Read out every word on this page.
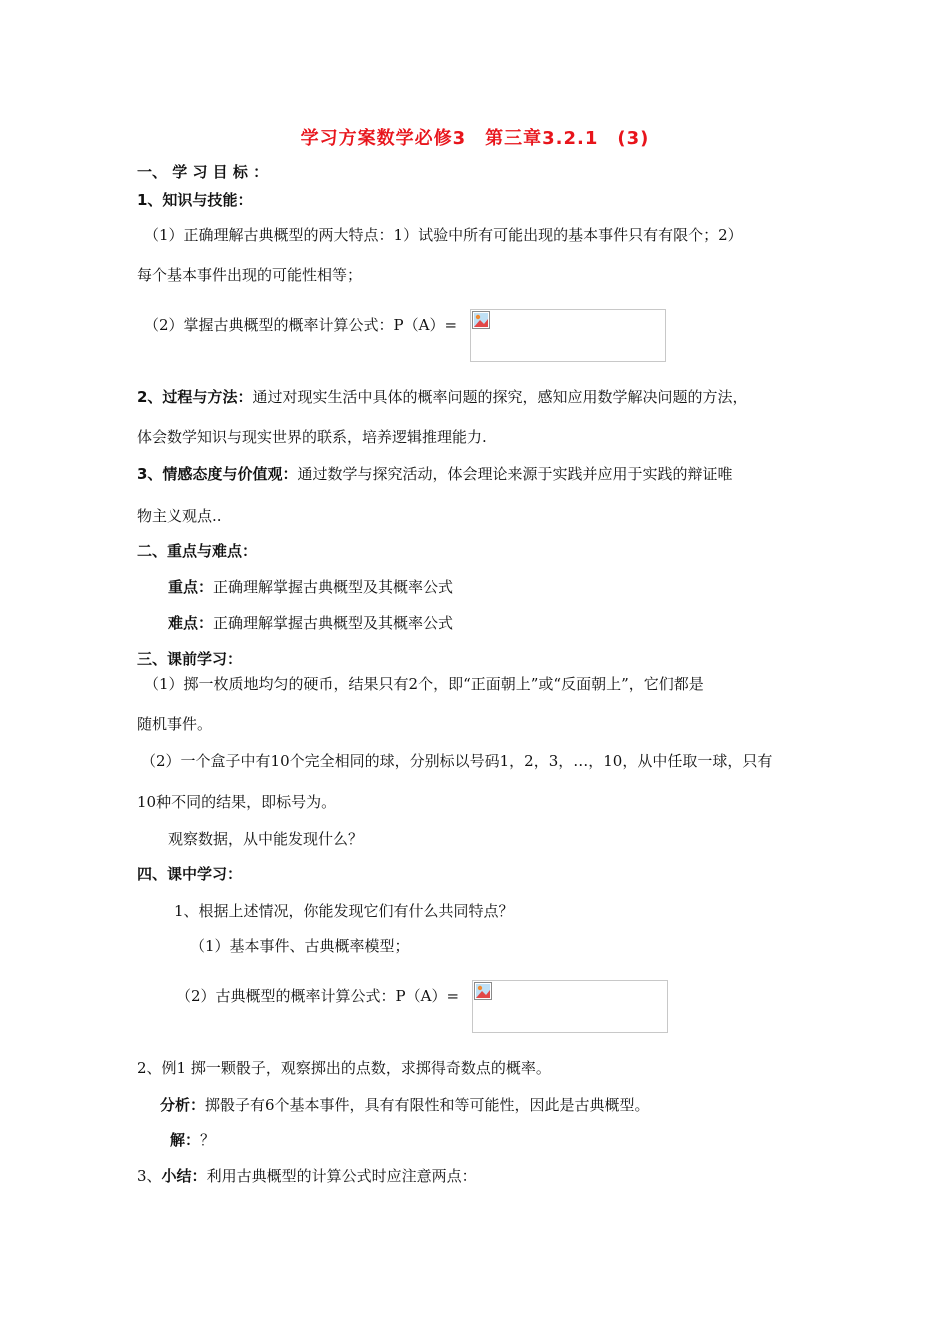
学习方案数学必修3　第三章3.2.1　(3)
一、 学 习 目 标 ：
1、知识与技能：
（1）正确理解古典概型的两大特点：1）试验中所有可能出现的基本事件只有有限个；2）
每个基本事件出现的可能性相等；
（2）掌握古典概型的概率计算公式：P（A）=
2、过程与方法：通过对现实生活中具体的概率问题的探究，感知应用数学解决问题的方法，
体会数学知识与现实世界的联系，培养逻辑推理能力.
3、情感态度与价值观：通过数学与探究活动，体会理论来源于实践并应用于实践的辩证唯
物主义观点..
二、重点与难点：
重点：正确理解掌握古典概型及其概率公式
难点：正确理解掌握古典概型及其概率公式
三、课前学习：
（1）掷一枚质地均匀的硬币，结果只有2个，即“正面朝上”或“反面朝上”，它们都是
随机事件。
（2）一个盒子中有10个完全相同的球，分别标以号码1，2，3，…，10，从中任取一球，只有
10种不同的结果，即标号为。
观察数据，从中能发现什么？
四、课中学习：
1、根据上述情况，你能发现它们有什么共同特点？
（1）基本事件、古典概率模型；
（2）古典概型的概率计算公式：P（A）=
2、例1 掷一颗骰子，观察掷出的点数，求掷得奇数点的概率。
分析：掷骰子有6个基本事件，具有有限性和等可能性，因此是古典概型。
解：？
3、小结：利用古典概型的计算公式时应注意两点：
